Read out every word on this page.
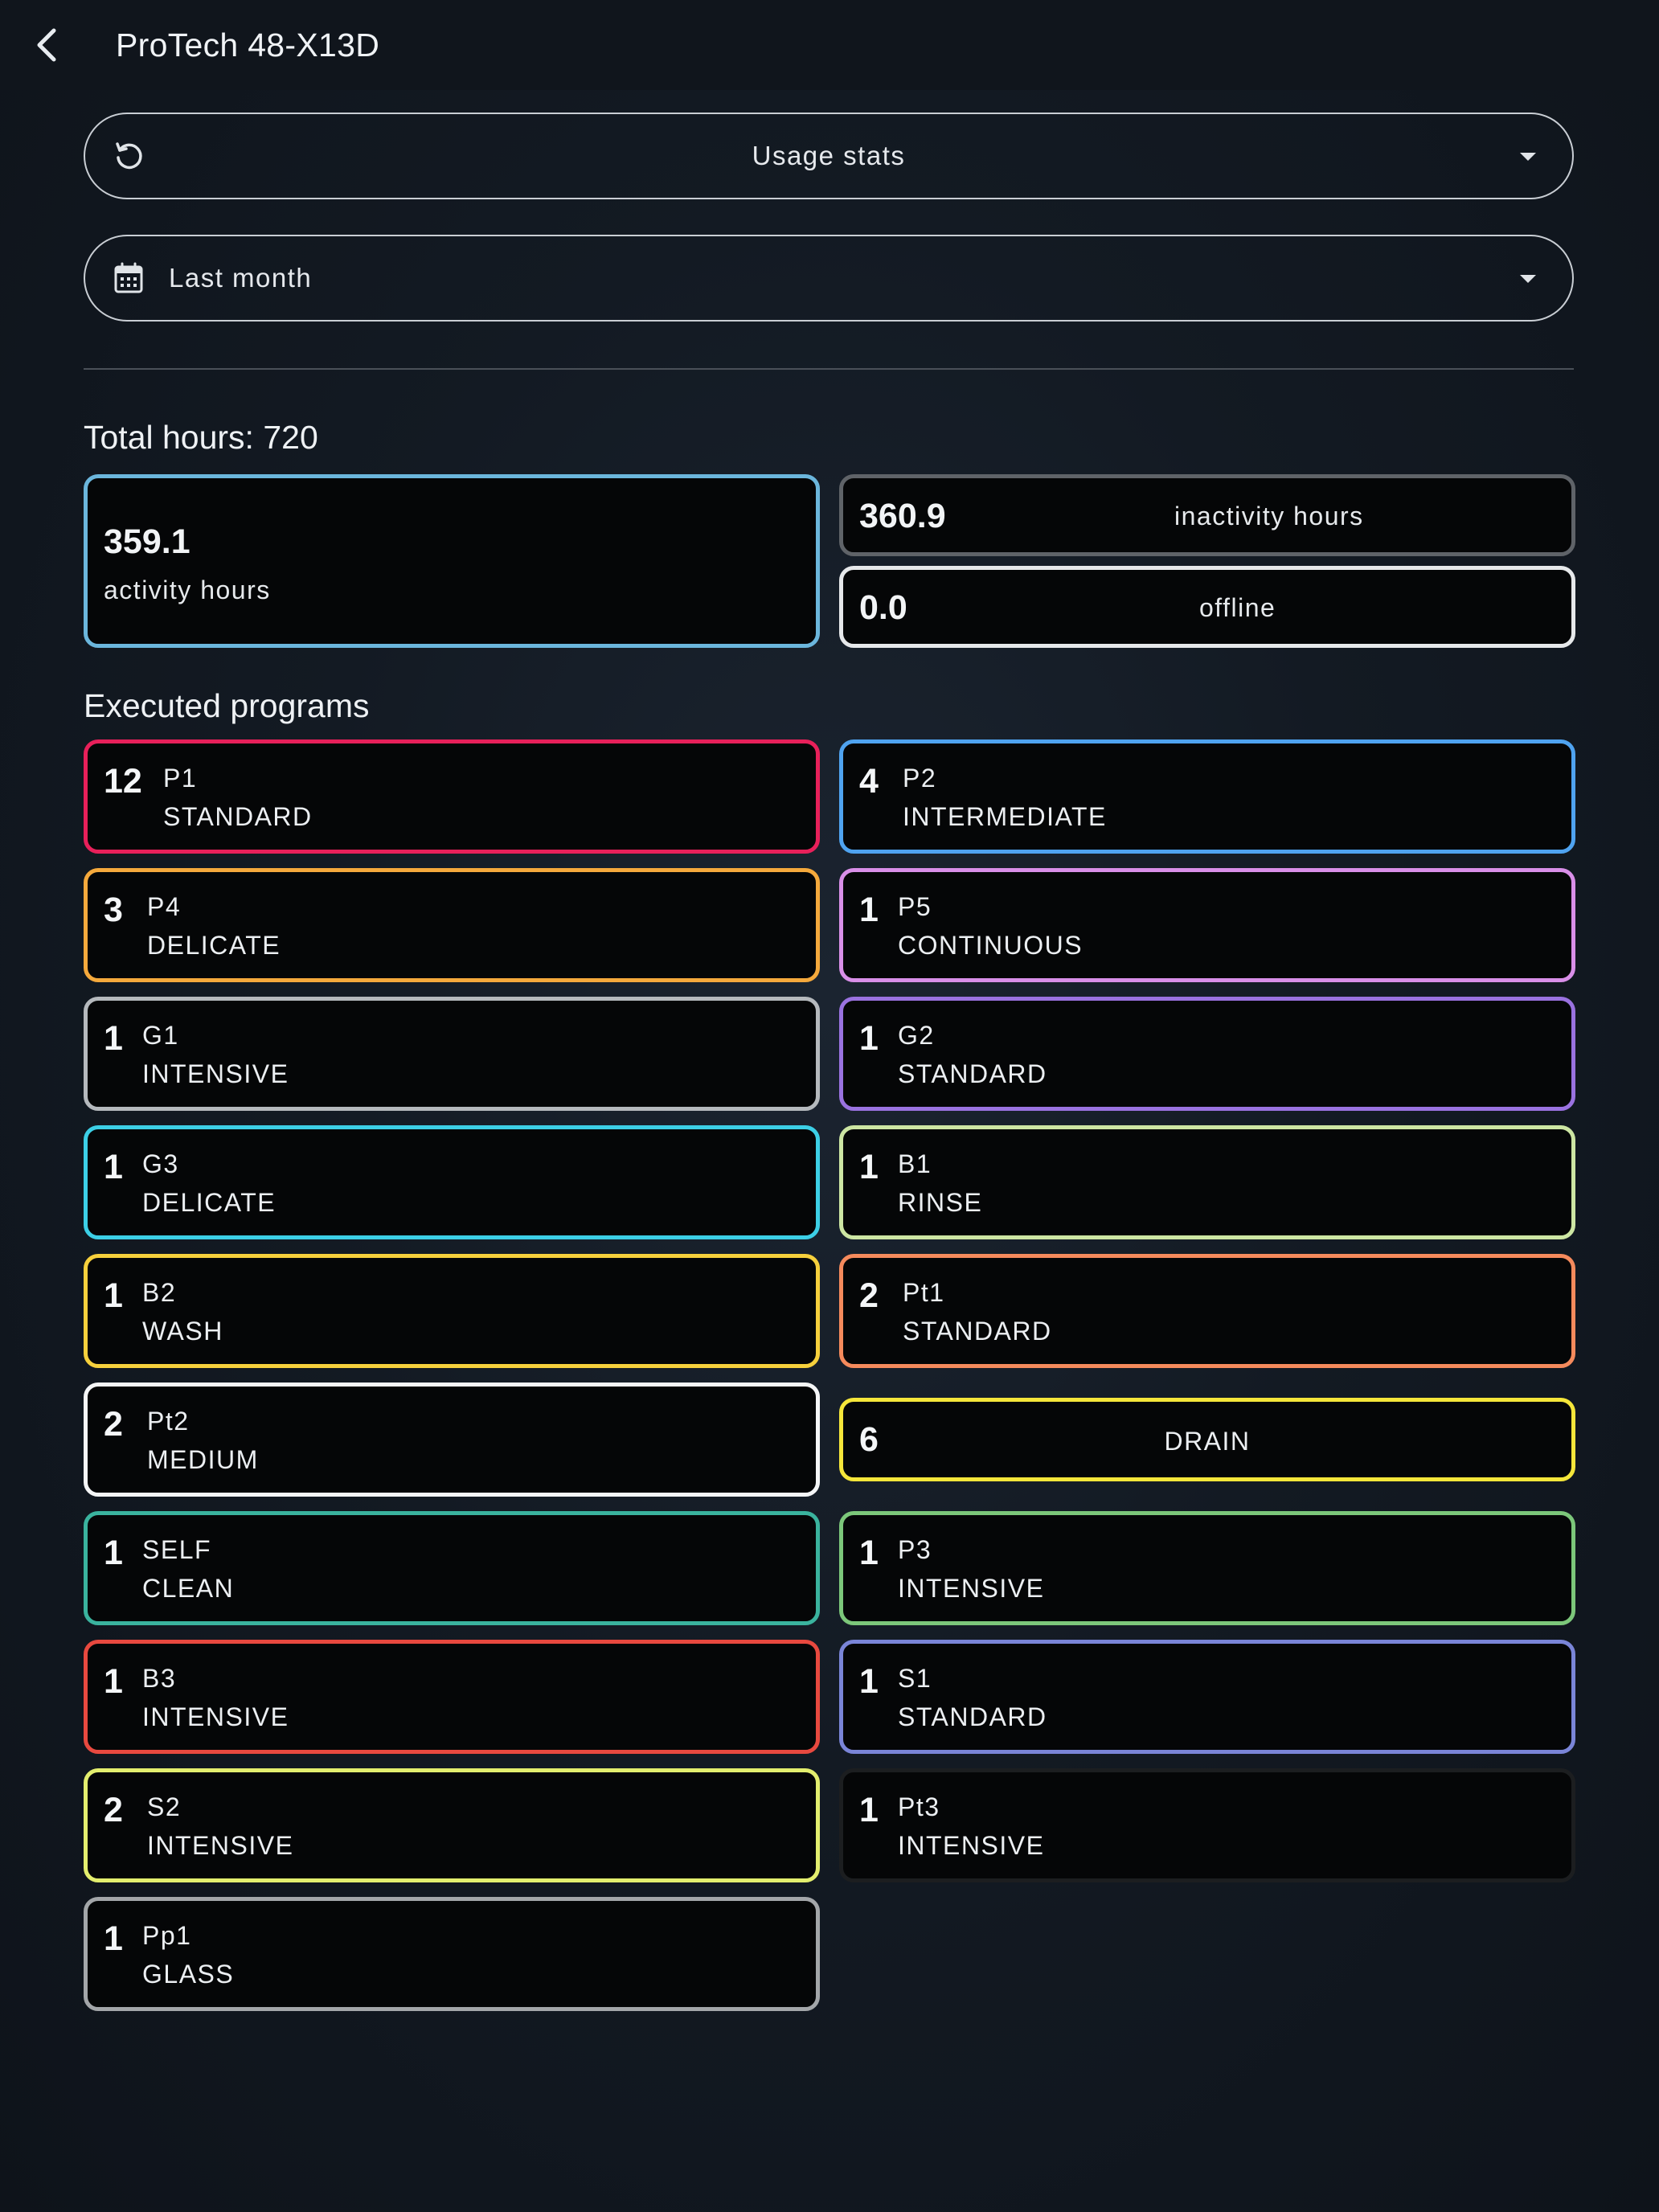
ProTech 48-X13D
Usage stats
Last month
Total hours: 720
359.1
activity hours
360.9	inactivity hours
0.0	offline
Executed programs
12 P1
STANDARD
4 P2
INTERMEDIATE
3 P4
DELICATE
1 P5
CONTINUOUS
1 G1
INTENSIVE
1 G2
STANDARD
1 G3
DELICATE
1 B1
RINSE
1 B2
WASH
2 Pt1
STANDARD
2 Pt2
MEDIUM
6	DRAIN
1 SELF
CLEAN
1 P3
INTENSIVE
1 B3
INTENSIVE
1 S1
STANDARD
2 S2
INTENSIVE
1 Pt3
INTENSIVE
1 Pp1
GLASS
